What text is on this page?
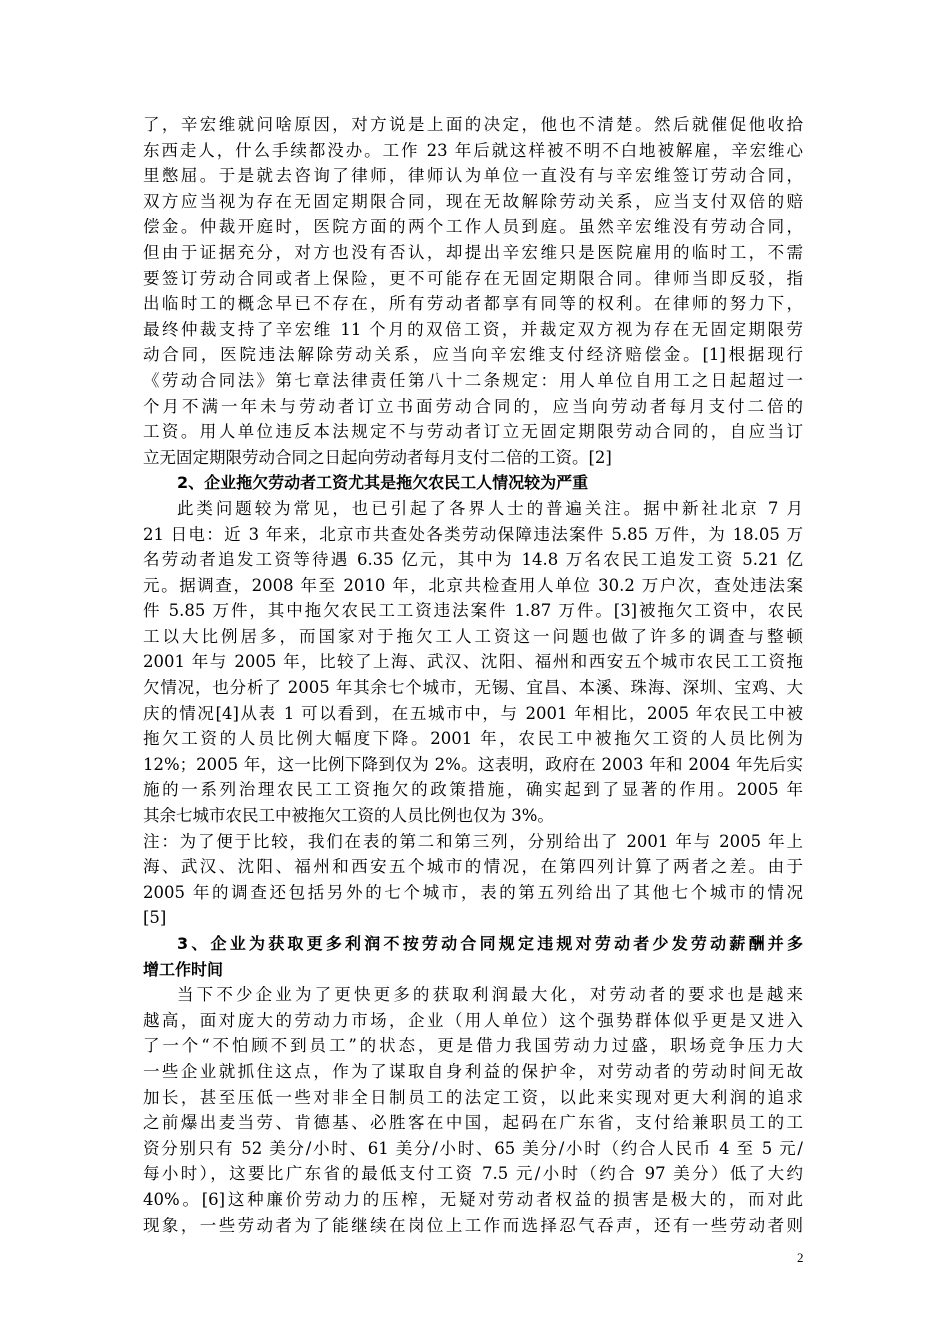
了，辛宏维就问啥原因，对方说是上面的决定，他也不清楚。然后就催促他收拾
东西走人，什么手续都没办。工作 23 年后就这样被不明不白地被解雇，辛宏维心
里憋屈。于是就去咨询了律师，律师认为单位一直没有与辛宏维签订劳动合同，
双方应当视为存在无固定期限合同，现在无故解除劳动关系，应当支付双倍的赔
偿金。仲裁开庭时，医院方面的两个工作人员到庭。虽然辛宏维没有劳动合同，
但由于证据充分，对方也没有否认，却提出辛宏维只是医院雇用的临时工，不需
要签订劳动合同或者上保险，更不可能存在无固定期限合同。律师当即反驳，指
出临时工的概念早已不存在，所有劳动者都享有同等的权利。在律师的努力下，
最终仲裁支持了辛宏维 11 个月的双倍工资，并裁定双方视为存在无固定期限劳
动合同，医院违法解除劳动关系，应当向辛宏维支付经济赔偿金。[1]根据现行
《劳动合同法》第七章法律责任第八十二条规定：用人单位自用工之日起超过一
个月不满一年未与劳动者订立书面劳动合同的，应当向劳动者每月支付二倍的
工资。用人单位违反本法规定不与劳动者订立无固定期限劳动合同的，自应当订
立无固定期限劳动合同之日起向劳动者每月支付二倍的工资。[2]
2、企业拖欠劳动者工资尤其是拖欠农民工人情况较为严重
此类问题较为常见，也已引起了各界人士的普遍关注。据中新社北京 7 月
21 日电：近 3 年来，北京市共查处各类劳动保障违法案件 5.85 万件，为 18.05 万
名劳动者追发工资等待遇 6.35 亿元，其中为 14.8 万名农民工追发工资 5.21 亿
元。据调查，2008 年至 2010 年，北京共检查用人单位 30.2 万户次，查处违法案
件 5.85 万件，其中拖欠农民工工资违法案件 1.87 万件。[3]被拖欠工资中，农民
工以大比例居多，而国家对于拖欠工人工资这一问题也做了许多的调查与整顿
2001 年与 2005 年，比较了上海、武汉、沈阳、福州和西安五个城市农民工工资拖
欠情况，也分析了 2005 年其余七个城市，无锡、宜昌、本溪、珠海、深圳、宝鸡、大
庆的情况[4]从表 1 可以看到，在五城市中，与 2001 年相比，2005 年农民工中被
拖欠工资的人员比例大幅度下降。2001 年，农民工中被拖欠工资的人员比例为
12%；2005 年，这一比例下降到仅为 2%。这表明，政府在 2003 年和 2004 年先后实
施的一系列治理农民工工资拖欠的政策措施，确实起到了显著的作用。2005 年
其余七城市农民工中被拖欠工资的人员比例也仅为 3%。
注：为了便于比较，我们在表的第二和第三列，分别给出了 2001 年与 2005 年上
海、武汉、沈阳、福州和西安五个城市的情况，在第四列计算了两者之差。由于
2005 年的调查还包括另外的七个城市，表的第五列给出了其他七个城市的情况
[5]
3、企业为获取更多利润不按劳动合同规定违规对劳动者少发劳动薪酬并多
增工作时间
当下不少企业为了更快更多的获取利润最大化，对劳动者的要求也是越来
越高，面对庞大的劳动力市场，企业（用人单位）这个强势群体似乎更是又进入
了一个“不怕顾不到员工”的状态，更是借力我国劳动力过盛，职场竞争压力大
一些企业就抓住这点，作为了谋取自身利益的保护伞，对劳动者的劳动时间无故
加长，甚至压低一些对非全日制员工的法定工资，以此来实现对更大利润的追求
之前爆出麦当劳、肯德基、必胜客在中国，起码在广东省，支付给兼职员工的工
资分别只有 52 美分/小时、61 美分/小时、65 美分/小时（约合人民币 4 至 5 元/
每小时），这要比广东省的最低支付工资 7.5 元/小时（约合 97 美分）低了大约
40%。[6]这种廉价劳动力的压榨，无疑对劳动者权益的损害是极大的，而对此
现象，一些劳动者为了能继续在岗位上工作而选择忍气吞声，还有一些劳动者则
2
